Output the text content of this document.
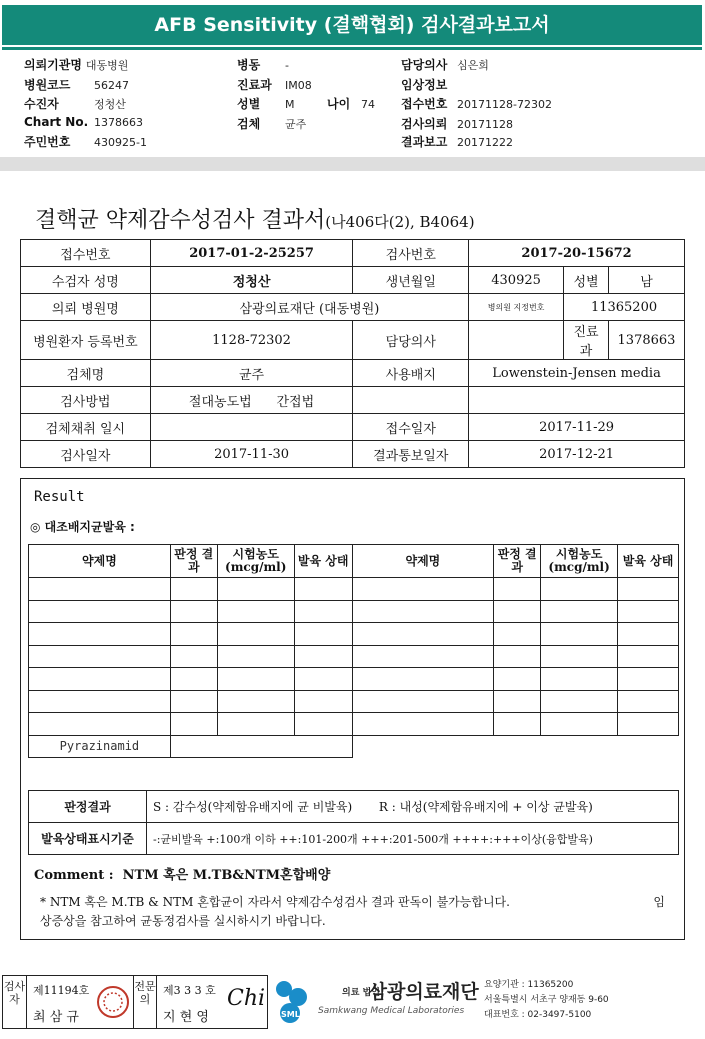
AFB Sensitivity (결핵협회) 검사결과보고서
의뢰기관명 대동병원
병원코드 56247
수진자	정청산
Chart No. 1378663
주민번호 430925-1
병동 -
진료과 IM08
성별 M	나이 74
검체 균주
담당의사 심은희
임상정보
접수번호 20171128-72302
검사의뢰 20171128
결과보고 20171222
결핵균 약제감수성검사 결과서(나406다(2), B4064)
접수번호	2017-01-2-25257	검사번호	2017-20-15672		
수검자 성명	정청산	생년월일	430925	성별	남
의뢰 병원명	삼광의료재단 (대동병원)		병의원 지정번호	11365200	
병원환자 등록번호	1128-72302	담당의사		진료과	1378663
검체명	균주	사용배지	Lowenstein-Jensen media		
검사방법	절대농도법 간접법				
검체채취 일시		접수일자	2017-11-29		
검사일자	2017-11-30	결과통보일자	2017-12-21		
Result
◎ 대조배지균발육 :
약제명	판정 결과	시험농도 (mcg/ml)	발육 상태	약제명	판정 결과	시험농도 (mcg/ml)	발육 상태

Pyrazinamid							
판정결과	S : 감수성(약제함유배지에 균 비발육) R : 내성(약제함유배지에 + 이상 균발육)
발육상태표시기준	-:균비발육 +:100개 이하 ++:101-200개 +++:201-500개 ++++:+++이상(융합발육)
Comment : NTM 혹은 M.TB&NTM혼합배양
* NTM 혹은 M.TB & NTM 혼합균이 자라서 약제감수성검사 결과 판독이 불가능합니다.	임
상증상을 참고하여 균동정검사를 실시하시기 바랍니다.
검사자
제11194호
최 삼 규
전문의
제3 3 3 호
지 현 영
Chi
SML
의료 법인 삼광의료재단
Samkwang Medical Laboratories
요양기관 : 11365200
서울특별시 서초구 양재동 9-60
대표번호 : 02-3497-5100
